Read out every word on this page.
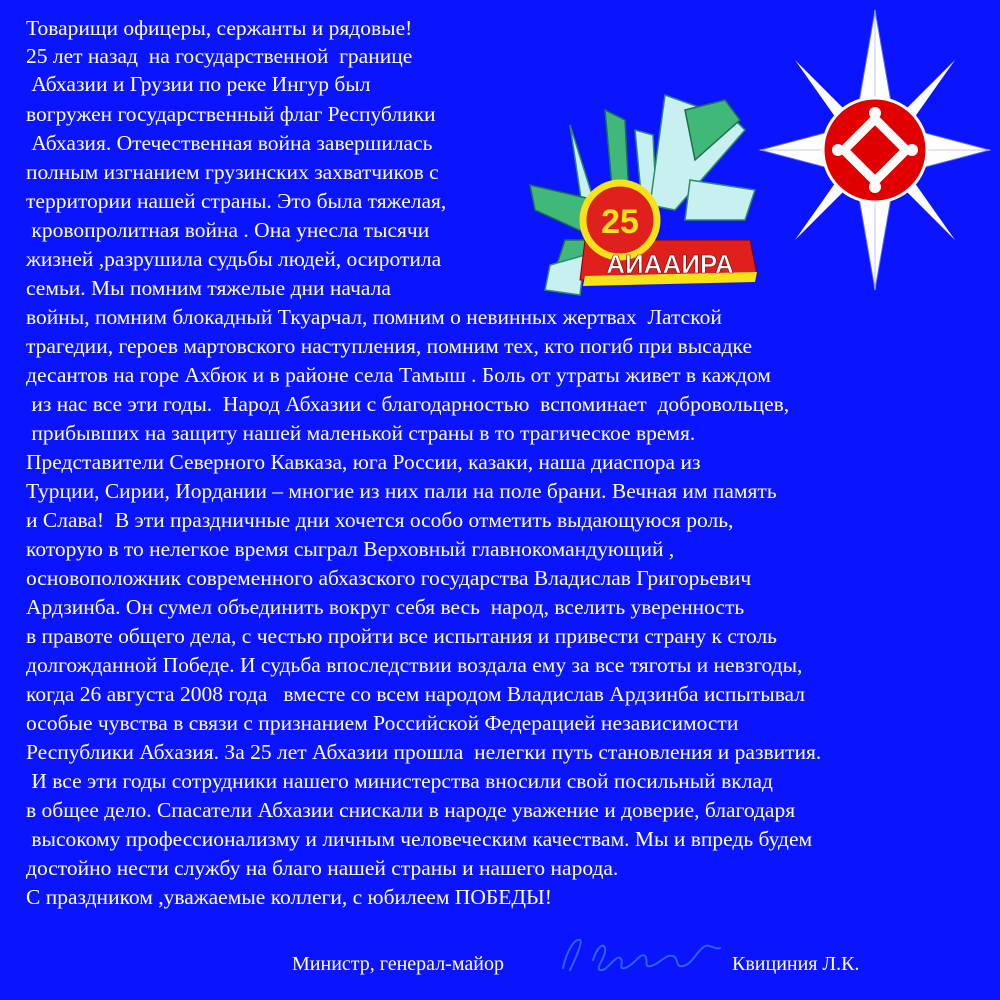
Товарищи офицеры, сержанты и рядовые!
25 лет назад  на государственной  границе
Абхазии и Грузии по реке Ингур был
вогружен государственный флаг Республики
Абхазия. Отечественная война завершилась
полным изгнанием грузинских захватчиков с
территории нашей страны. Это была тяжелая,
кровопролитная война . Она унесла тысячи
жизней ,разрушила судьбы людей, осиротила
семьи. Мы помним тяжелые дни начала
войны, помним блокадный Ткуарчал, помним о невинных жертвах  Латской
трагедии, героев мартовского наступления, помним тех, кто погиб при высадке
десантов на горе Ахбюк и в районе села Тамыш . Боль от утраты живет в каждом
из нас все эти годы.  Народ Абхазии с благодарностью  вспоминает  добровольцев,
прибывших на защиту нашей маленькой страны в то трагическое время.
Представители Северного Кавказа, юга России, казаки, наша диаспора из
Турции, Сирии, Иордании – многие из них пали на поле брани. Вечная им память
и Слава!  В эти праздничные дни хочется особо отметить выдающуюся роль,
которую в то нелегкое время сыграл Верховный главнокомандующий ,
основоположник современного абхазского государства Владислав Григорьевич
Ардзинба. Он сумел объединить вокруг себя весь  народ, вселить уверенность
в правоте общего дела, с честью пройти все испытания и привести страну к столь
долгожданной Победе. И судьба впоследствии воздала ему за все тяготы и невзгоды,
когда 26 августа 2008 года   вместе со всем народом Владислав Ардзинба испытывал
особые чувства в связи с признанием Российской Федерацией независимости
Республики Абхазия. За 25 лет Абхазии прошла  нелегки путь становления и развития.
И все эти годы сотрудники нашего министерства вносили свой посильный вклад
в общее дело. Спасатели Абхазии снискали в народе уважение и доверие, благодаря
высокому профессионализму и личным человеческим качествам. Мы и впредь будем
достойно нести службу на благо нашей страны и нашего народа.
С праздником ,уважаемые коллеги, с юбилеем ПОБЕДЫ!
25
АИААИРА
Министр, генерал-майор	Квициния Л.К.
